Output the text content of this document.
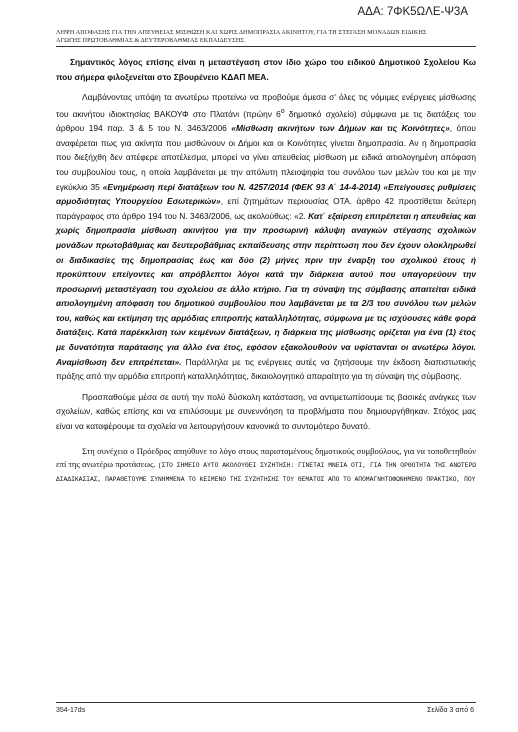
ΑΔΑ: 7ΦΚ5ΩΛΕ-Ψ3Α
ΛΗΨΗ ΑΠΟΦΑΣΗΣ ΓΙΑ ΤΗΝ ΑΠΕΥΘΕΙΑΣ ΜΙΣΘΩΣΗ ΚΑΙ ΧΩΡΙΣ ΔΗΜΟΠΡΑΣΙΑ ΑΚΙΝΗΤΟΥ, ΓΙΑ ΤΗ ΣΤΕΓΑΣΗ ΜΟΝΑΔΩΝ ΕΙΔΙΚΗΣ
ΑΓΩΓΗΣ ΠΡΩΤΟΒΑΘΜΙΑΣ & ΔΕΥΤΕΡΟΒΑΘΜΙΑΣ ΕΚΠΑΙΔΕΥΣΗΣ.

Σημαντικός λόγος επίσης είναι η μεταστέγαση στον ίδιο χώρο του ειδικού Δημοτικού Σχολείου Κω που σήμερα φιλοξενείται στο Σβουρένειο ΚΔΑΠ ΜΕΑ.

Λαμβάνοντας υπόψη τα ανωτέρω προτείνω να προβούμε άμεσα σ’ όλες τις νόμιμες ενέργειες μίσθωσης του ακινήτου ιδιοκτησίας ΒΑΚΟΥΦ στο Πλατάνι (πρώην $6^o$ δημοτικό σχολείο) σύμφωνα με τις διατάξεις του άρθρου 194 παρ. 3 & 5 του Ν. 3463/2006 «Μίσθωση ακινήτων των Δήμων και τις Κοινότητες», όπου αναφέρεται πως για ακίνητα που μισθώνουν οι Δήμοι και οι Κοινότητες γίνεται δημοπρασία. Αν η δημοπρασία που διεξήχθη δεν απέφερε αποτέλεσμα, μπορεί να γίνει απευθείας μίσθωση με ειδικά αιτιολογημένη απόφαση του συμβουλίου τους, η οποία λαμβάνεται με την απόλυτη πλειοψηφία του συνόλου των μελών του και με την εγκύκλιο 35 «Ενημέρωση περί διατάξεων του Ν. 4257/2014 (ΦΕΚ 93 Α΄ 14-4-2014) «Επείγουσες ρυθμίσεις αρμοδιότητας Υπουργείου Εσωτερικών», επί ζητημάτων περιουσίας ΟΤΑ. άρθρο 42 προστίθεται δεύτερη παράγραφος στο άρθρο 194 του Ν. 3463/2006, ως ακολούθως: «2. Κατ΄ εξαίρεση επιτρέπεται η απευθείας και χωρίς δημοπρασία μίσθωση ακινήτου για την προσωρινή κάλυψη αναγκών στέγασης σχολικών μονάδων πρωτοβάθμιας και δευτεροβάθμιας εκπαίδευσης στην περίπτωση που δεν έχουν ολοκληρωθεί οι διαδικασίες της δημοπρασίας έως και δύο (2) μήνες πριν την έναρξη του σχολικού έτους ή προκύπτουν επείγοντες και απρόβλεπτοι λόγοι κατά την διάρκεια αυτού που υπαγορεύουν την προσωρινή μεταστέγαση του σχολείου σε άλλο κτήριο. Για τη σύναψη της σύμβασης απαιτείται ειδικά αιτιολογημένη απόφαση του δημοτικού συμβουλίου που λαμβάνεται με τα 2/3 του συνόλου των μελών του, καθώς και εκτίμηση της αρμόδιας επιτροπής καταλληλότητας, σύμφωνα με τις ισχύουσες κάθε φορά διατάξεις. Κατά παρέκκλιση των κειμένων διατάξεων, η διάρκεια της μίσθωσης ορίζεται για ένα (1) έτος με δυνατότητα παράτασης για άλλο ένα έτος, εφόσον εξακολουθούν να υφίστανται οι ανωτέρω λόγοι. Αναμίσθωση δεν επιτρέπεται». Παράλληλα με τις ενέργειες αυτές να ζητήσουμε την έκδοση διαπιστωτικής πράξης από την αρμόδια επιτροπή καταλληλότητας, δικαιολογητικό απαραίτητο για τη σύναψη της σύμβασης.

Προσπαθούμε μέσα σε αυτή την πολύ δύσκολη κατάσταση, να αντιμετωπίσουμε τις βασικές ανάγκες των σχολείων, καθώς επίσης και να επιλύσουμε με συνεννόηση τα προβλήματα που δημιουργήθηκαν. Στόχος μας είναι να καταφέρουμε τα σχολεία να λειτουργήσουν κανονικά το συντομότερο δυνατό.

Στη συνέχεια ο Πρόεδρος απηύθυνε το λόγο στους παρισταμένους δημοτικούς συμβούλους, για να τοποθετηθούν επί της ανωτέρω προτάσεως. (ΣΤΟ ΣΗΜΕΙΟ ΑΥΤΟ ΑΚΟΛΟΥΘΕΙ ΣΥΖΗΤΗΣΗ: ΓΙΝΕΤΑΙ ΜΝΕΙΑ ΟΤΙ, ΓΙΑ ΤΗΝ ΟΡΘΟΤΗΤΑ ΤΗΣ ΑΝΩΤΕΡΩ ΔΙΑΔΙΚΑΣΙΑΣ, ΠΑΡΑΘΕΤΟΥΜΕ ΣΥΝΗΜΜΕΝΑ ΤΟ ΚΕΙΜΕΝΟ ΤΗΣ ΣΥΖΗΤΗΣΗΣ ΤΟΥ ΘΕΜΑΤΟΣ ΑΠΟ ΤΟ ΑΠΟΜΑΓΝΗΤΟΦΩΝΗΜΕΝΟ ΠΡΑΚΤΙΚΟ, ΠΟΥ

354-17ds	Σελίδα 3 από 6
